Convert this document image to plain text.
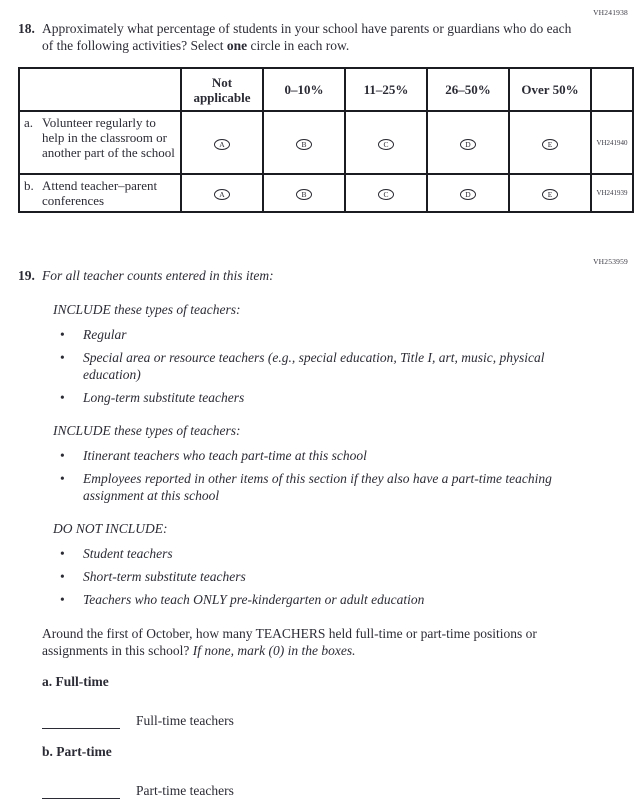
VH241938
18. Approximately what percentage of students in your school have parents or guardians who do each of the following activities? Select one circle in each row.
	Not applicable	0–10%	11–25%	26–50%	Over 50%	

a. Volunteer regularly to help in the classroom or another part of the school	A	B	C	D	E	VH241940

b. Attend teacher–parent conferences	A	B	C	D	E	VH241939
VH253959
19. For all teacher counts entered in this item:
INCLUDE these types of teachers:
•	Regular
•	Special area or resource teachers (e.g., special education, Title I, art, music, physical education)
•	Long-term substitute teachers
INCLUDE these types of teachers:
•	Itinerant teachers who teach part-time at this school
•	Employees reported in other items of this section if they also have a part-time teaching assignment at this school
DO NOT INCLUDE:
•	Student teachers
•	Short-term substitute teachers
•	Teachers who teach ONLY pre-kindergarten or adult education
Around the first of October, how many TEACHERS held full-time or part-time positions or assignments in this school? If none, mark (0) in the boxes.
a. Full-time
Full-time teachers
b. Part-time
Part-time teachers
